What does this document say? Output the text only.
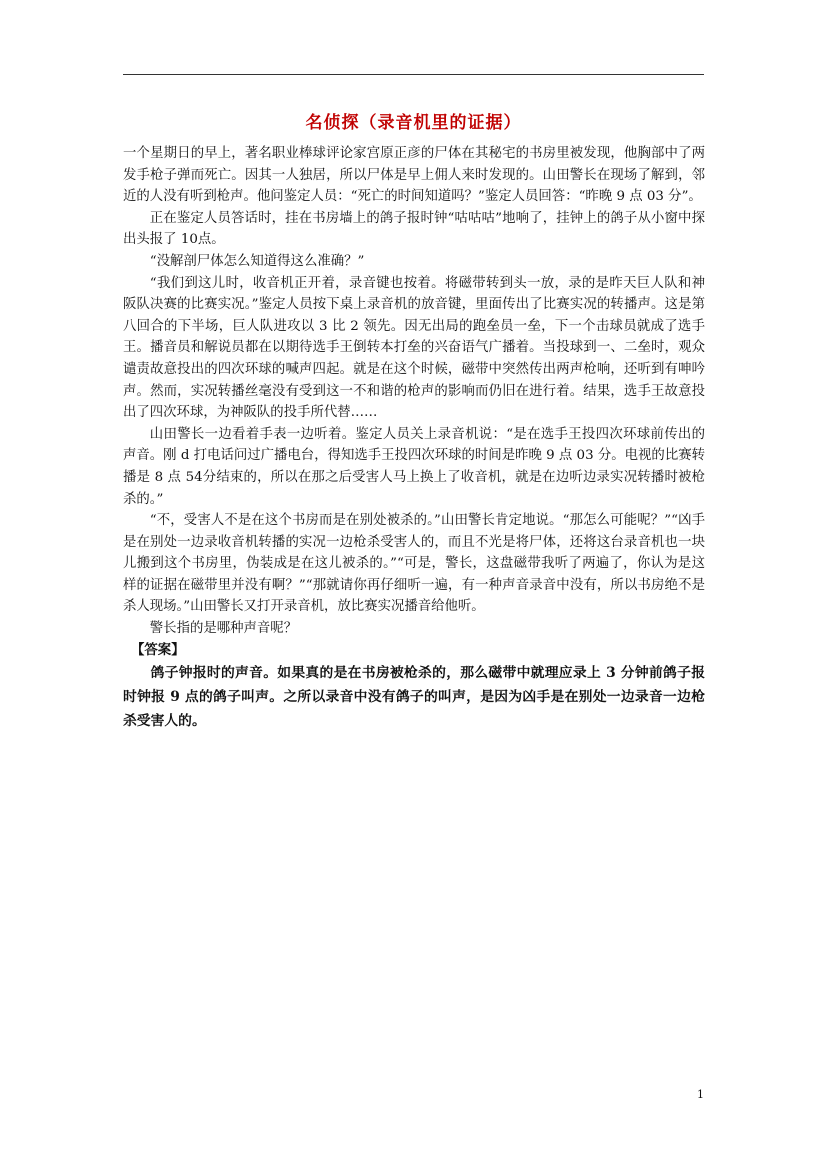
名侦探（录音机里的证据）

一个星期日的早上，著名职业棒球评论家宫原正彦的尸体在其秘宅的书房里被发现，他胸部中了两发手枪子弹而死亡。因其一人独居，所以尸体是早上佣人来时发现的。山田警长在现场了解到，邻近的人没有听到枪声。他问鉴定人员：“死亡的时间知道吗？”鉴定人员回答：“昨晚 9 点 03 分”。

正在鉴定人员答话时，挂在书房墙上的鸽子报时钟“咕咕咕”地响了，挂钟上的鸽子从小窗中探出头报了 10点。

“没解剖尸体怎么知道得这么准确？”

“我们到这儿时，收音机正开着，录音键也按着。将磁带转到头一放，录的是昨天巨人队和神阪队决赛的比赛实况。”鉴定人员按下桌上录音机的放音键，里面传出了比赛实况的转播声。这是第八回合的下半场，巨人队进攻以 3 比 2 领先。因无出局的跑垒员一垒，下一个击球员就成了选手王。播音员和解说员都在以期待选手王倒转本打垒的兴奋语气广播着。当投球到一、二垒时，观众谴责故意投出的四次环球的喊声四起。就是在这个时候，磁带中突然传出两声枪响，还听到有呻吟声。然而，实况转播丝毫没有受到这一不和谐的枪声的影响而仍旧在进行着。结果，选手王故意投出了四次环球，为神阪队的投手所代替……

山田警长一边看着手表一边听着。鉴定人员关上录音机说：“是在选手王投四次环球前传出的声音。刚 d 打电话问过广播电台，得知选手王投四次环球的时间是昨晚 9 点 03 分。电视的比赛转播是 8 点 54分结束的，所以在那之后受害人马上换上了收音机，就是在边听边录实况转播时被枪杀的。”

“不，受害人不是在这个书房而是在别处被杀的。”山田警长肯定地说。“那怎么可能呢？”“凶手是在别处一边录收音机转播的实况一边枪杀受害人的，而且不光是将尸体，还将这台录音机也一块儿搬到这个书房里，伪装成是在这儿被杀的。”“可是，警长，这盘磁带我听了两遍了，你认为是这样的证据在磁带里并没有啊？”“那就请你再仔细听一遍，有一种声音录音中没有，所以书房绝不是杀人现场。”山田警长又打开录音机，放比赛实况播音给他听。

警长指的是哪种声音呢？

【答案】

鸽子钟报时的声音。如果真的是在书房被枪杀的，那么磁带中就理应录上 3 分钟前鸽子报时钟报 9 点的鸽子叫声。之所以录音中没有鸽子的叫声，是因为凶手是在别处一边录音一边枪杀受害人的。

1
